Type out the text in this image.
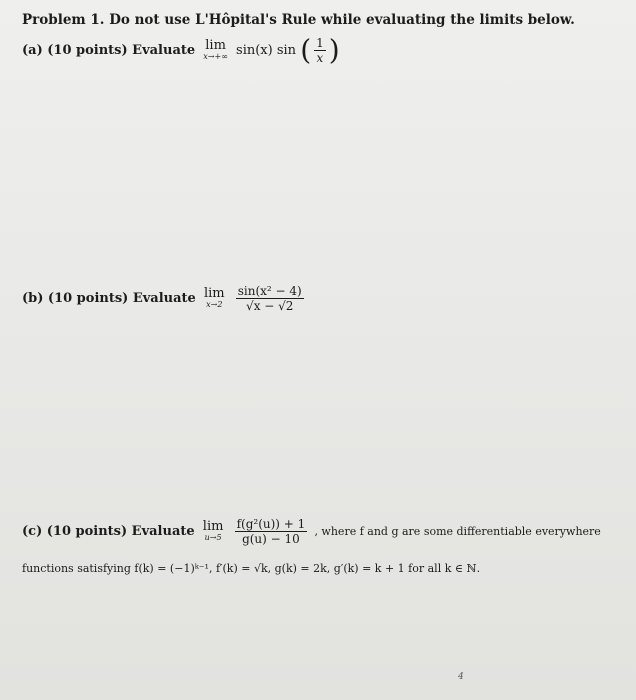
Problem 1. Do not use L'Hôpital's Rule while evaluating the limits below.
(a) (10 points) Evaluate lim
x→+∞ sin(x) sin ( $\frac{1}{x}$ )
(b) (10 points) Evaluate lim
x→2
$\frac{\text{sin(x² − 4)}}{√x - √2}$
(c) (10 points) Evaluate lim
u→5
$\frac{\text{f(g²(u)) + 1}}{g(u) - 10}$ , where f and g are some differentiable everywhere
functions satisfying f(k) = (−1)ᵏ⁻¹, f′(k) = √k, g(k) = 2k, g′(k) = k + 1 for all k ∈ ℕ.
4
